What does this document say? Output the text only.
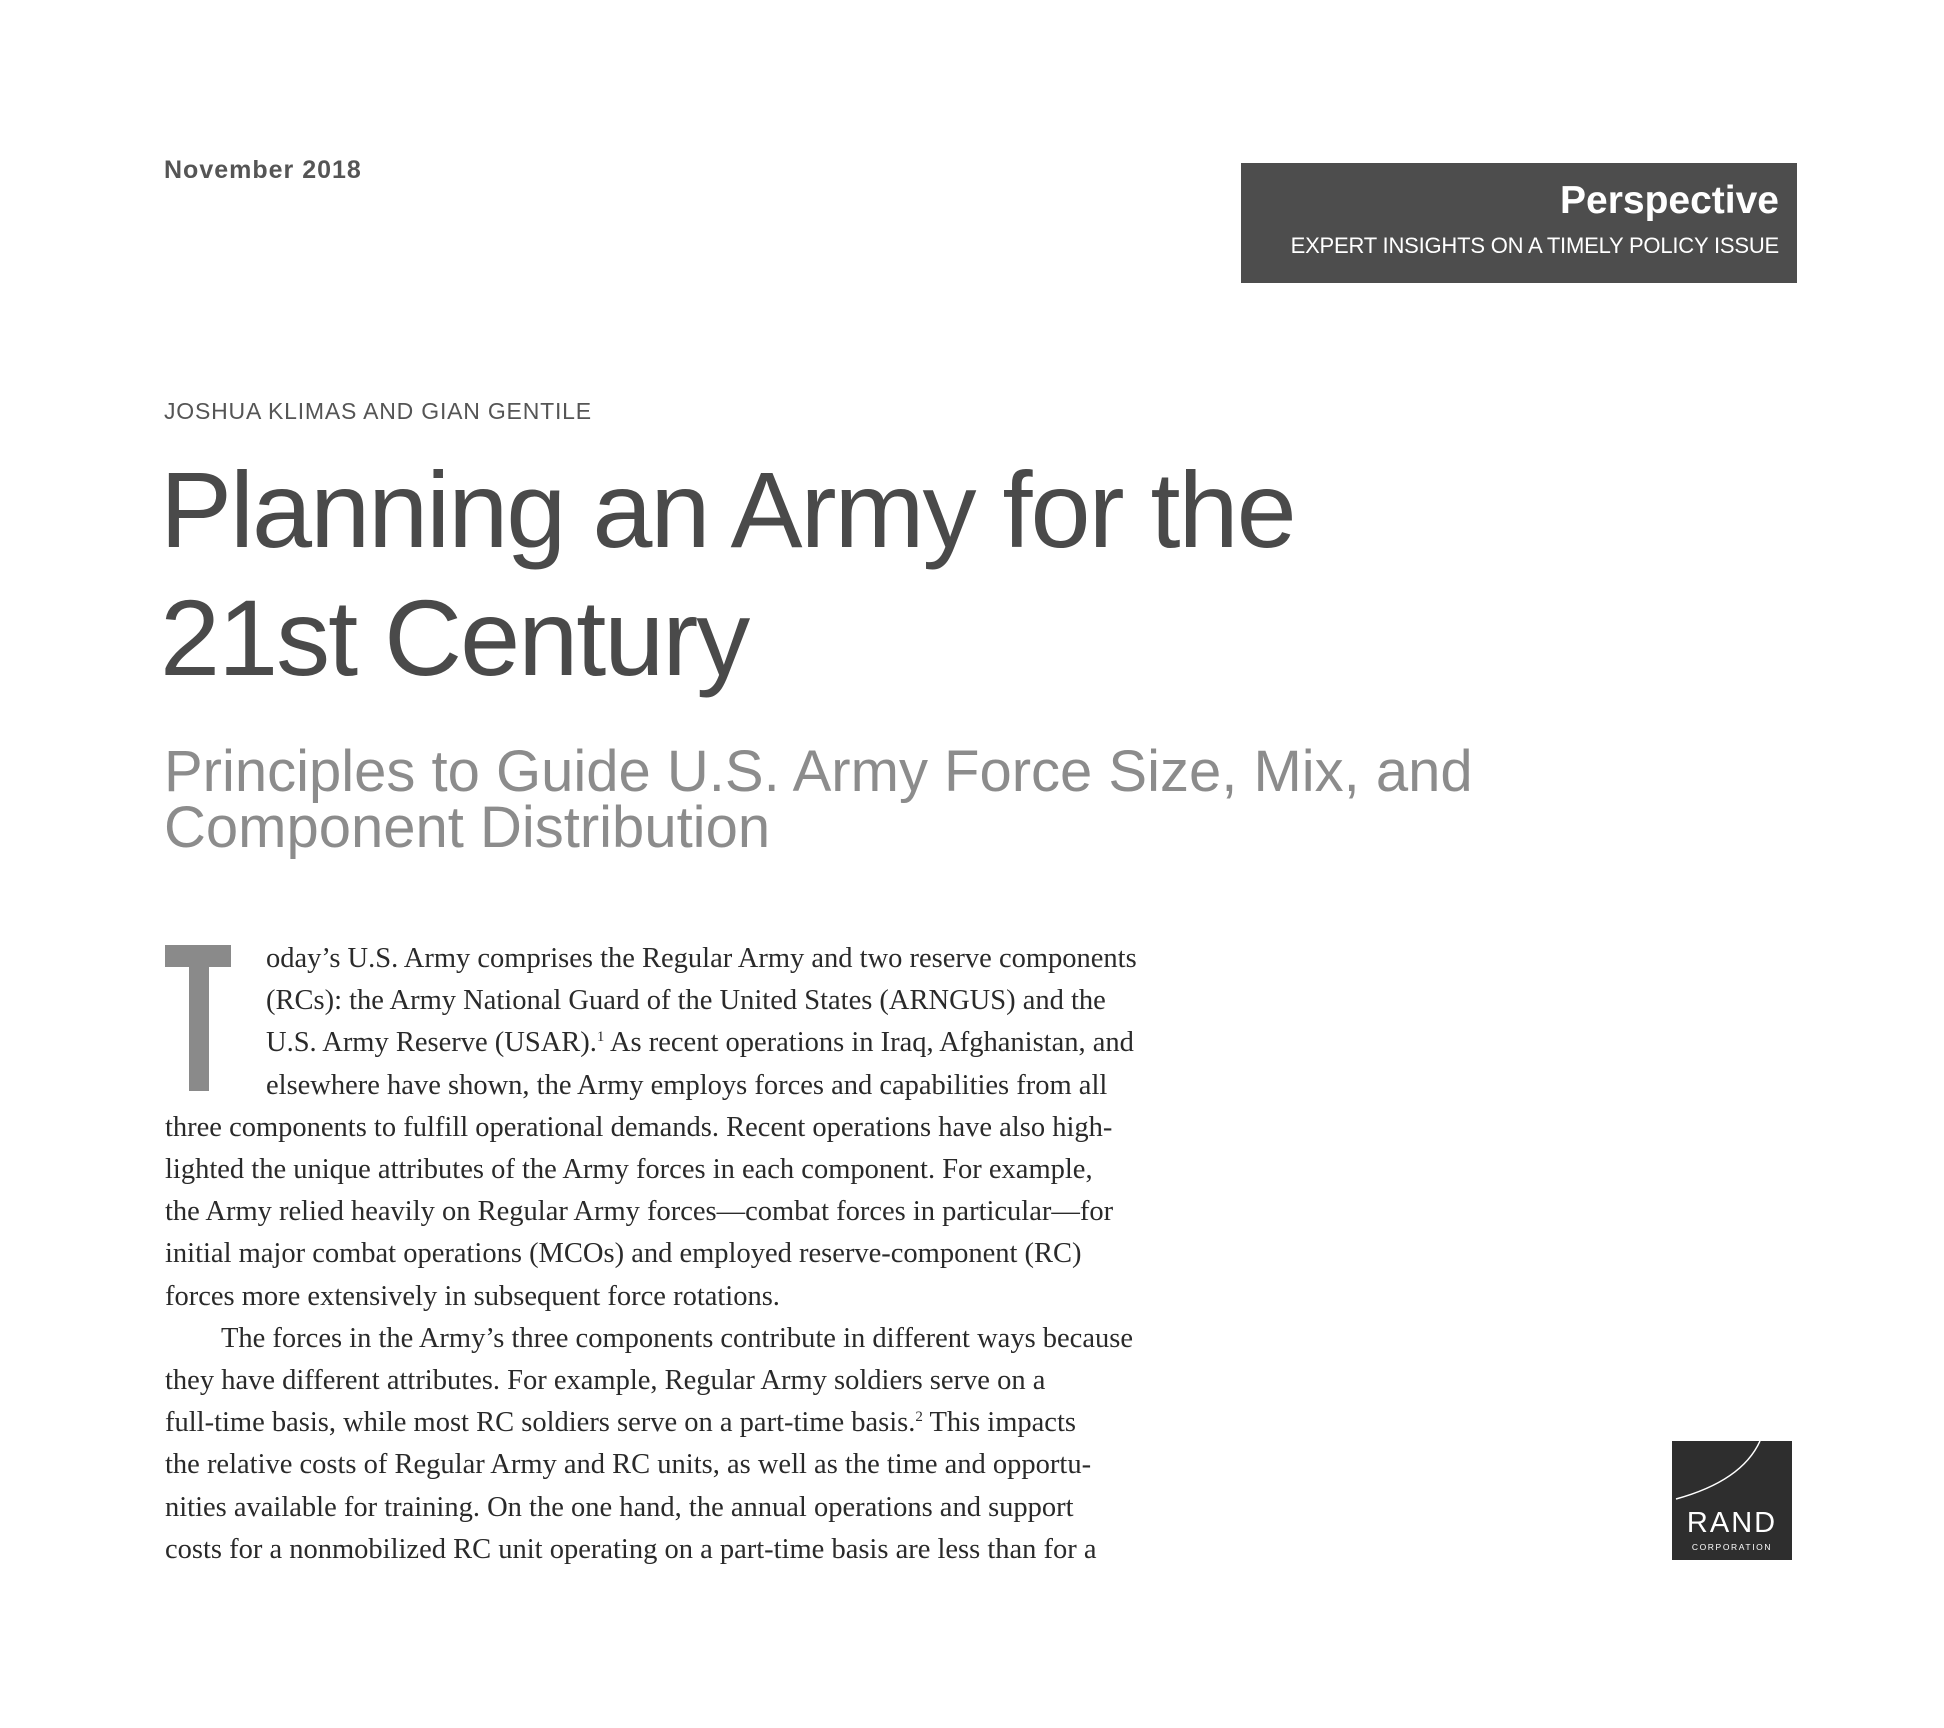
November 2018
Perspective
EXPERT INSIGHTS ON A TIMELY POLICY ISSUE
JOSHUA KLIMAS AND GIAN GENTILE
Planning an Army for the
21st Century
Principles to Guide U.S. Army Force Size, Mix, and
Component Distribution

oday’s U.S. Army comprises the Regular Army and two reserve components
(RCs): the Army National Guard of the United States (ARNGUS) and the
U.S. Army Reserve (USAR).$^1$ As recent operations in Iraq, Afghanistan, and
elsewhere have shown, the Army employs forces and capabilities from all
three components to fulfill operational demands. Recent operations have also high-
lighted the unique attributes of the Army forces in each component. For example,
the Army relied heavily on Regular Army forces—combat forces in particular—for
initial major combat operations (MCOs) and employed reserve-component (RC)
forces more extensively in subsequent force rotations.

The forces in the Army’s three components contribute in different ways because
they have different attributes. For example, Regular Army soldiers serve on a
full-time basis, while most RC soldiers serve on a part-time basis.$^2$ This impacts
the relative costs of Regular Army and RC units, as well as the time and opportu-
nities available for training. On the one hand, the annual operations and support
costs for a nonmobilized RC unit operating on a part-time basis are less than for a

RAND
CORPORATION
